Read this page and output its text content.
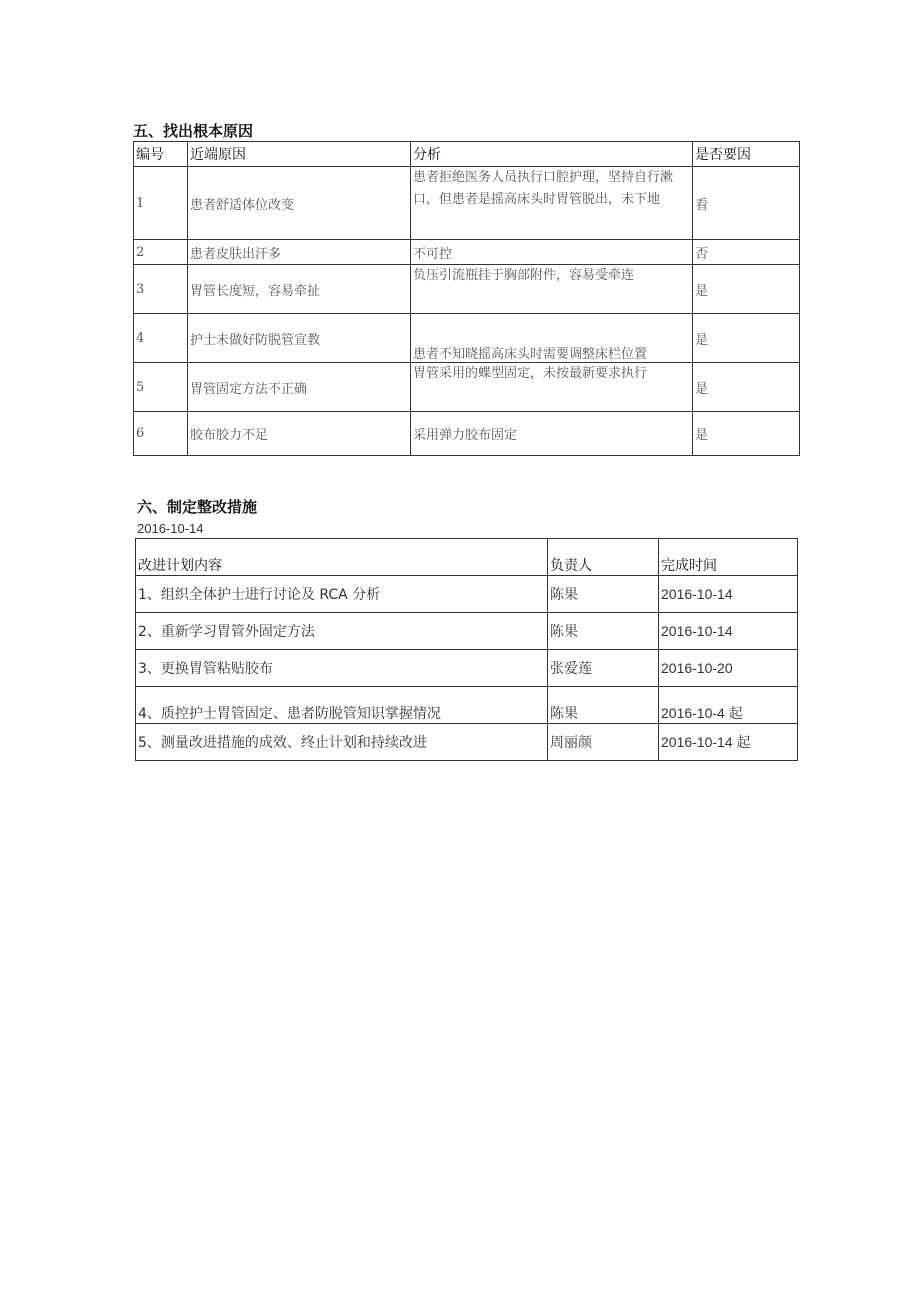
五、找出根本原因
编号	近端原因	分析	是否要因
1	患者舒适体位改变	患者拒绝医务人员执行口腔护理，坚持自行漱口，但患者是摇高床头时胃管脱出，未下地	看
2	患者皮肤出汗多	不可控	否
3	胃管长度短，容易牵扯	负压引流瓶挂于胸部附件，容易受牵连	是
4	护士未做好防脱管宣教	患者不知晓摇高床头时需要调整床栏位置	是
5	胃管固定方法不正确	胃管采用的蝶型固定，未按最新要求执行	是
6	胶布胶力不足	采用弹力胶布固定	是
六、制定整改措施
2016-10-14
改进计划内容	负责人	完成时间
1、组织全体护士进行讨论及 RCA 分析	陈果	2016-10-14
2、重新学习胃管外固定方法	陈果	2016-10-14
3、更换胃管粘贴胶布	张爱莲	2016-10-20
4、质控护士胃管固定、患者防脱管知识掌握情况	陈果	2016-10-4 起
5、测量改进措施的成效、终止计划和持续改进	周丽颜	2016-10-14 起
